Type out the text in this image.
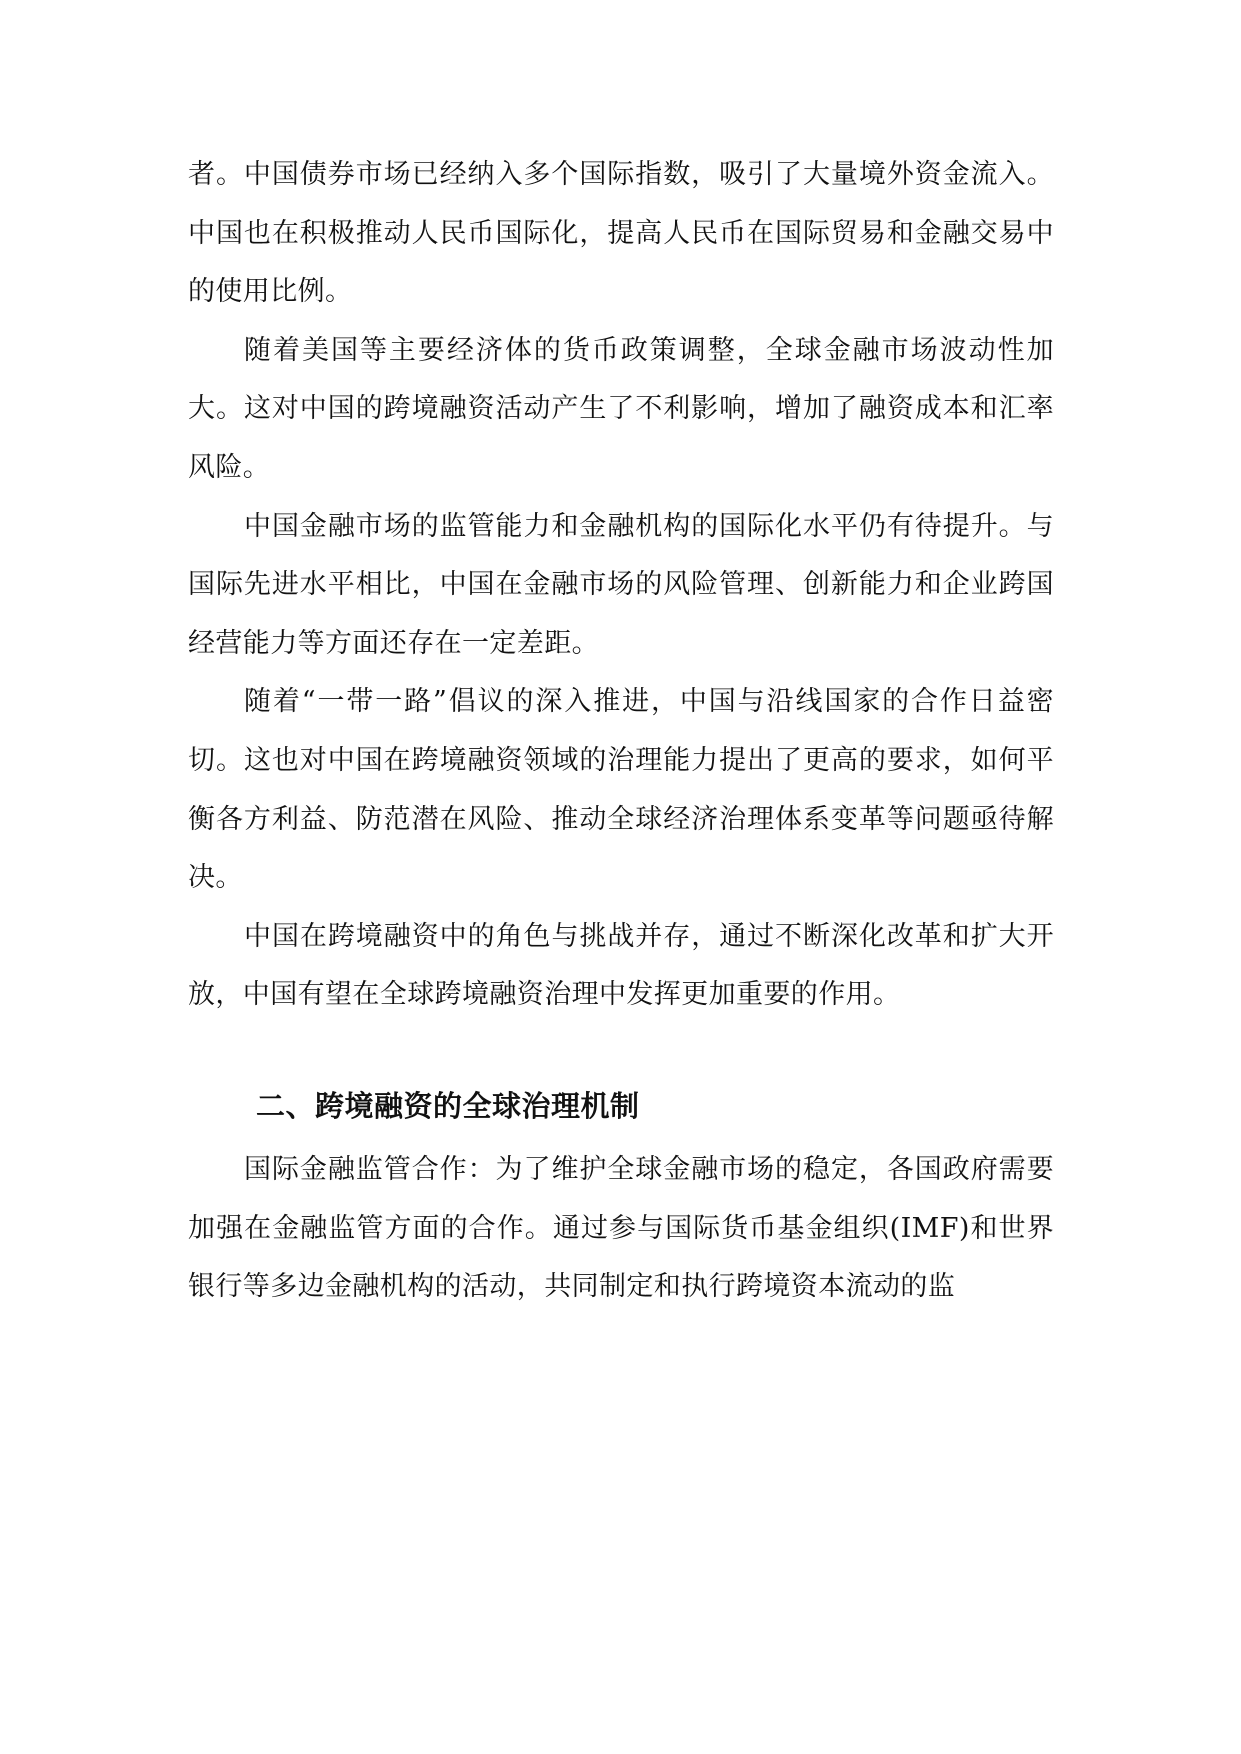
者。中国债券市场已经纳入多个国际指数，吸引了大量境外资金流入。中国也在积极推动人民币国际化，提高人民币在国际贸易和金融交易中的使用比例。

随着美国等主要经济体的货币政策调整，全球金融市场波动性加大。这对中国的跨境融资活动产生了不利影响，增加了融资成本和汇率风险。

中国金融市场的监管能力和金融机构的国际化水平仍有待提升。与国际先进水平相比，中国在金融市场的风险管理、创新能力和企业跨国经营能力等方面还存在一定差距。

随着“一带一路”倡议的深入推进，中国与沿线国家的合作日益密切。这也对中国在跨境融资领域的治理能力提出了更高的要求，如何平衡各方利益、防范潜在风险、推动全球经济治理体系变革等问题亟待解决。

中国在跨境融资中的角色与挑战并存，通过不断深化改革和扩大开放，中国有望在全球跨境融资治理中发挥更加重要的作用。

二、跨境融资的全球治理机制

国际金融监管合作：为了维护全球金融市场的稳定，各国政府需要加强在金融监管方面的合作。通过参与国际货币基金组织(IMF)和世界银行等多边金融机构的活动，共同制定和执行跨境资本流动的监
